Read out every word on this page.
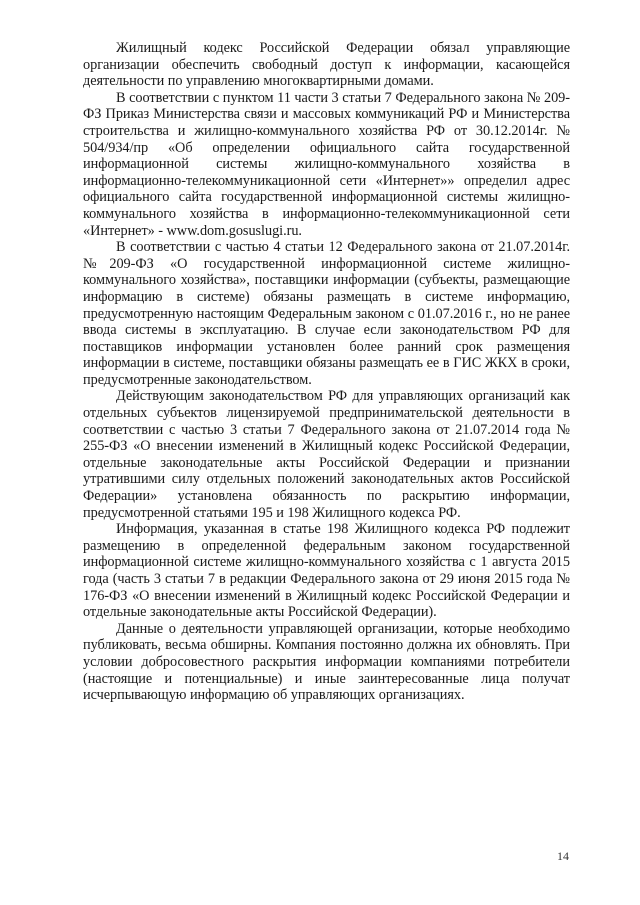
Жилищный кодекс Российской Федерации обязал управляющие организации обеспечить свободный доступ к информации, касающейся деятельности по управлению многоквартирными домами.

В соответствии с пунктом 11 части 3 статьи 7 Федерального закона № 209-ФЗ Приказ Министерства связи и массовых коммуникаций РФ и Министерства строительства и жилищно-коммунального хозяйства РФ от 30.12.2014г. № 504/934/пр «Об определении официального сайта государственной информационной системы жилищно-коммунального хозяйства в информационно-телекоммуникационной сети «Интернет»» определил адрес официального сайта государственной информационной системы жилищно-коммунального хозяйства в информационно-телекоммуникационной сети «Интернет» - www.dom.gosuslugi.ru.

В соответствии с частью 4 статьи 12 Федерального закона от 21.07.2014г. №209-ФЗ «О государственной информационной системе жилищно-коммунального хозяйства», поставщики информации (субъекты, размещающие информацию в системе) обязаны размещать в системе информацию, предусмотренную настоящим Федеральным законом с 01.07.2016 г., но не ранее ввода системы в эксплуатацию. В случае если законодательством РФ для поставщиков информации установлен более ранний срок размещения информации в системе, поставщики обязаны размещать ее в ГИС ЖКХ в сроки, предусмотренные законодательством.

Действующим законодательством РФ для управляющих организаций как отдельных субъектов лицензируемой предпринимательской деятельности в соответствии с частью 3 статьи 7 Федерального закона от 21.07.2014 года № 255-ФЗ «О внесении изменений в Жилищный кодекс Российской Федерации, отдельные законодательные акты Российской Федерации и признании утратившими силу отдельных положений законодательных актов Российской Федерации» установлена обязанность по раскрытию информации, предусмотренной статьями 195 и 198 Жилищного кодекса РФ.

Информация, указанная в статье 198 Жилищного кодекса РФ подлежит размещению в определенной федеральным законом государственной информационной системе жилищно-коммунального хозяйства с 1 августа 2015 года (часть 3 статьи 7 в редакции Федерального закона от 29 июня 2015 года № 176-ФЗ «О внесении изменений в Жилищный кодекс Российской Федерации и отдельные законодательные акты Российской Федерации).

Данные о деятельности управляющей организации, которые необходимо публиковать, весьма обширны. Компания постоянно должна их обновлять. При условии добросовестного раскрытия информации компаниями потребители (настоящие и потенциальные) и иные заинтересованные лица получат исчерпывающую информацию об управляющих организациях.

14
